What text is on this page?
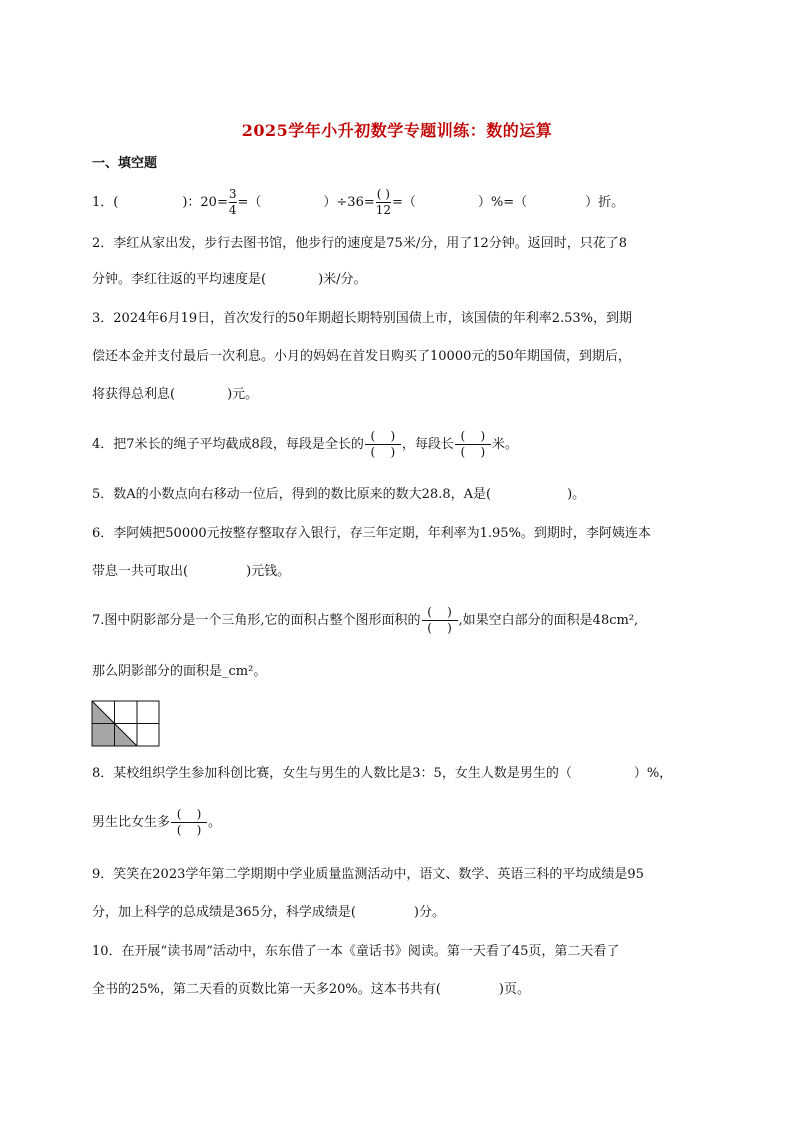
2025学年小升初数学专题训练：数的运算
一、填空题
1．(	)：$20= \frac{3}{4}$ =（	）$\div 36= \frac{( )}{12}$ =（	）%=（	）折。
2．李红从家出发，步行去图书馆，他步行的速度是75米/分，用了12分钟。返回时，只花了8
分钟。李红往返的平均速度是(	)米/分。
3．2024年6月19日，首次发行的50年期超长期特别国债上市，该国债的年利率2.53%，到期
偿还本金并支付最后一次利息。小月的妈妈在首发日购买了10000元的50年期国债，到期后，
将获得总利息(	)元。
4．把7米长的绳子平均截成8段，每段是全长的 $\frac{( )}{( )}$ ，每段长 $\frac{( )}{( )}$ 米。
5．数A的小数点向右移动一位后，得到的数比原来的数大28.8，A是(	)。
6．李阿姨把50000元按整存整取存入银行，存三年定期，年利率为1.95%。到期时，李阿姨连本
带息一共可取出(	)元钱。
7.图中阴影部分是一个三角形,它的面积占整个图形面积的 $\frac{( )}{( )}$ ,如果空白部分的面积是48cm²,
那么阴影部分的面积是_cm²。
8．某校组织学生参加科创比赛，女生与男生的人数比是3：5，女生人数是男生的（	）%，
男生比女生多 $\frac{( )}{( )}$ 。
9．笑笑在2023学年第二学期期中学业质量监测活动中，语文、数学、英语三科的平均成绩是95
分，加上科学的总成绩是365分，科学成绩是(	)分。
10．在开展“读书周”活动中，东东借了一本《童话书》阅读。第一天看了45页，第二天看了
全书的25%，第二天看的页数比第一天多20%。这本书共有(	)页。
